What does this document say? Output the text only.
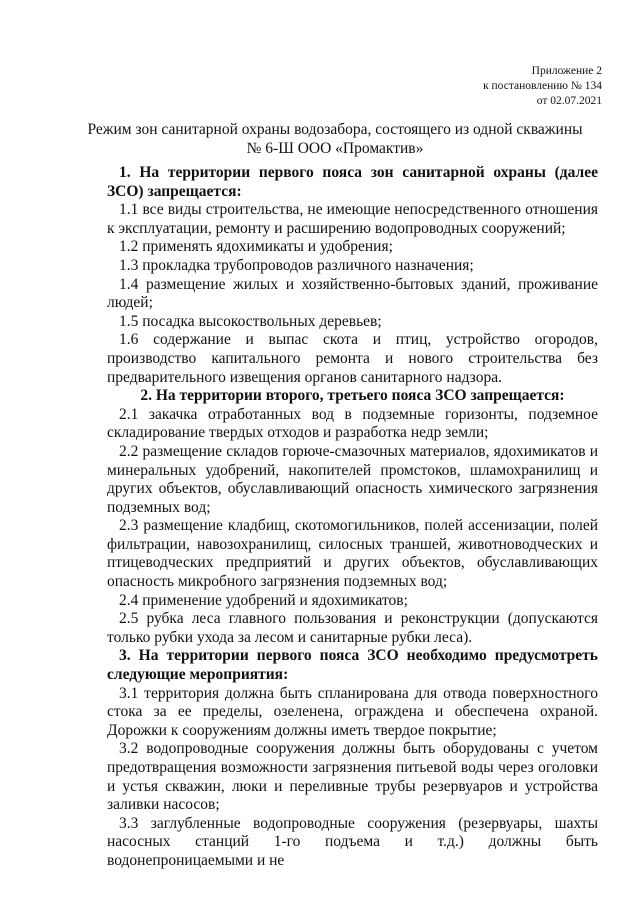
Приложение 2
к постановлению № 134
от 02.07.2021
Режим зон санитарной охраны водозабора, состоящего из одной скважины
№ 6-Ш ООО «Промактив»

1. На территории первого пояса зон санитарной охраны (далее ЗСО) запрещается:

1.1 все виды строительства, не имеющие непосредственного отношения к эксплуатации, ремонту и расширению водопроводных сооружений;

1.2 применять ядохимикаты и удобрения;

1.3 прокладка трубопроводов различного назначения;

1.4 размещение жилых и хозяйственно-бытовых зданий, проживание людей;

1.5 посадка высокоствольных деревьев;

1.6 содержание и выпас скота и птиц, устройство огородов, производство капитального ремонта и нового строительства без предварительного извещения органов санитарного надзора.

2. На территории второго, третьего пояса ЗСО запрещается:

2.1 закачка отработанных вод в подземные горизонты, подземное складирование твердых отходов и разработка недр земли;

2.2 размещение складов горюче-смазочных материалов, ядохимикатов и минеральных удобрений, накопителей промстоков, шламохранилищ и других объектов, обуславливающий опасность химического загрязнения подземных вод;

2.3 размещение кладбищ, скотомогильников, полей ассенизации, полей фильтрации, навозохранилищ, силосных траншей, животноводческих и птицеводческих предприятий и других объектов, обуславливающих опасность микробного загрязнения подземных вод;

2.4 применение удобрений и ядохимикатов;

2.5 рубка леса главного пользования и реконструкции (допускаются только рубки ухода за лесом и санитарные рубки леса).

3. На территории первого пояса ЗСО необходимо предусмотреть следующие мероприятия:

3.1 территория должна быть спланирована для отвода поверхностного стока за ее пределы, озеленена, ограждена и обеспечена охраной. Дорожки к сооружениям должны иметь твердое покрытие;

3.2 водопроводные сооружения должны быть оборудованы с учетом предотвращения возможности загрязнения питьевой воды через оголовки и устья скважин, люки и переливные трубы резервуаров и устройства заливки насосов;

3.3 заглубленные водопроводные сооружения (резервуары, шахты насосных станций 1-го подъема и т.д.) должны быть водонепроницаемыми и не
